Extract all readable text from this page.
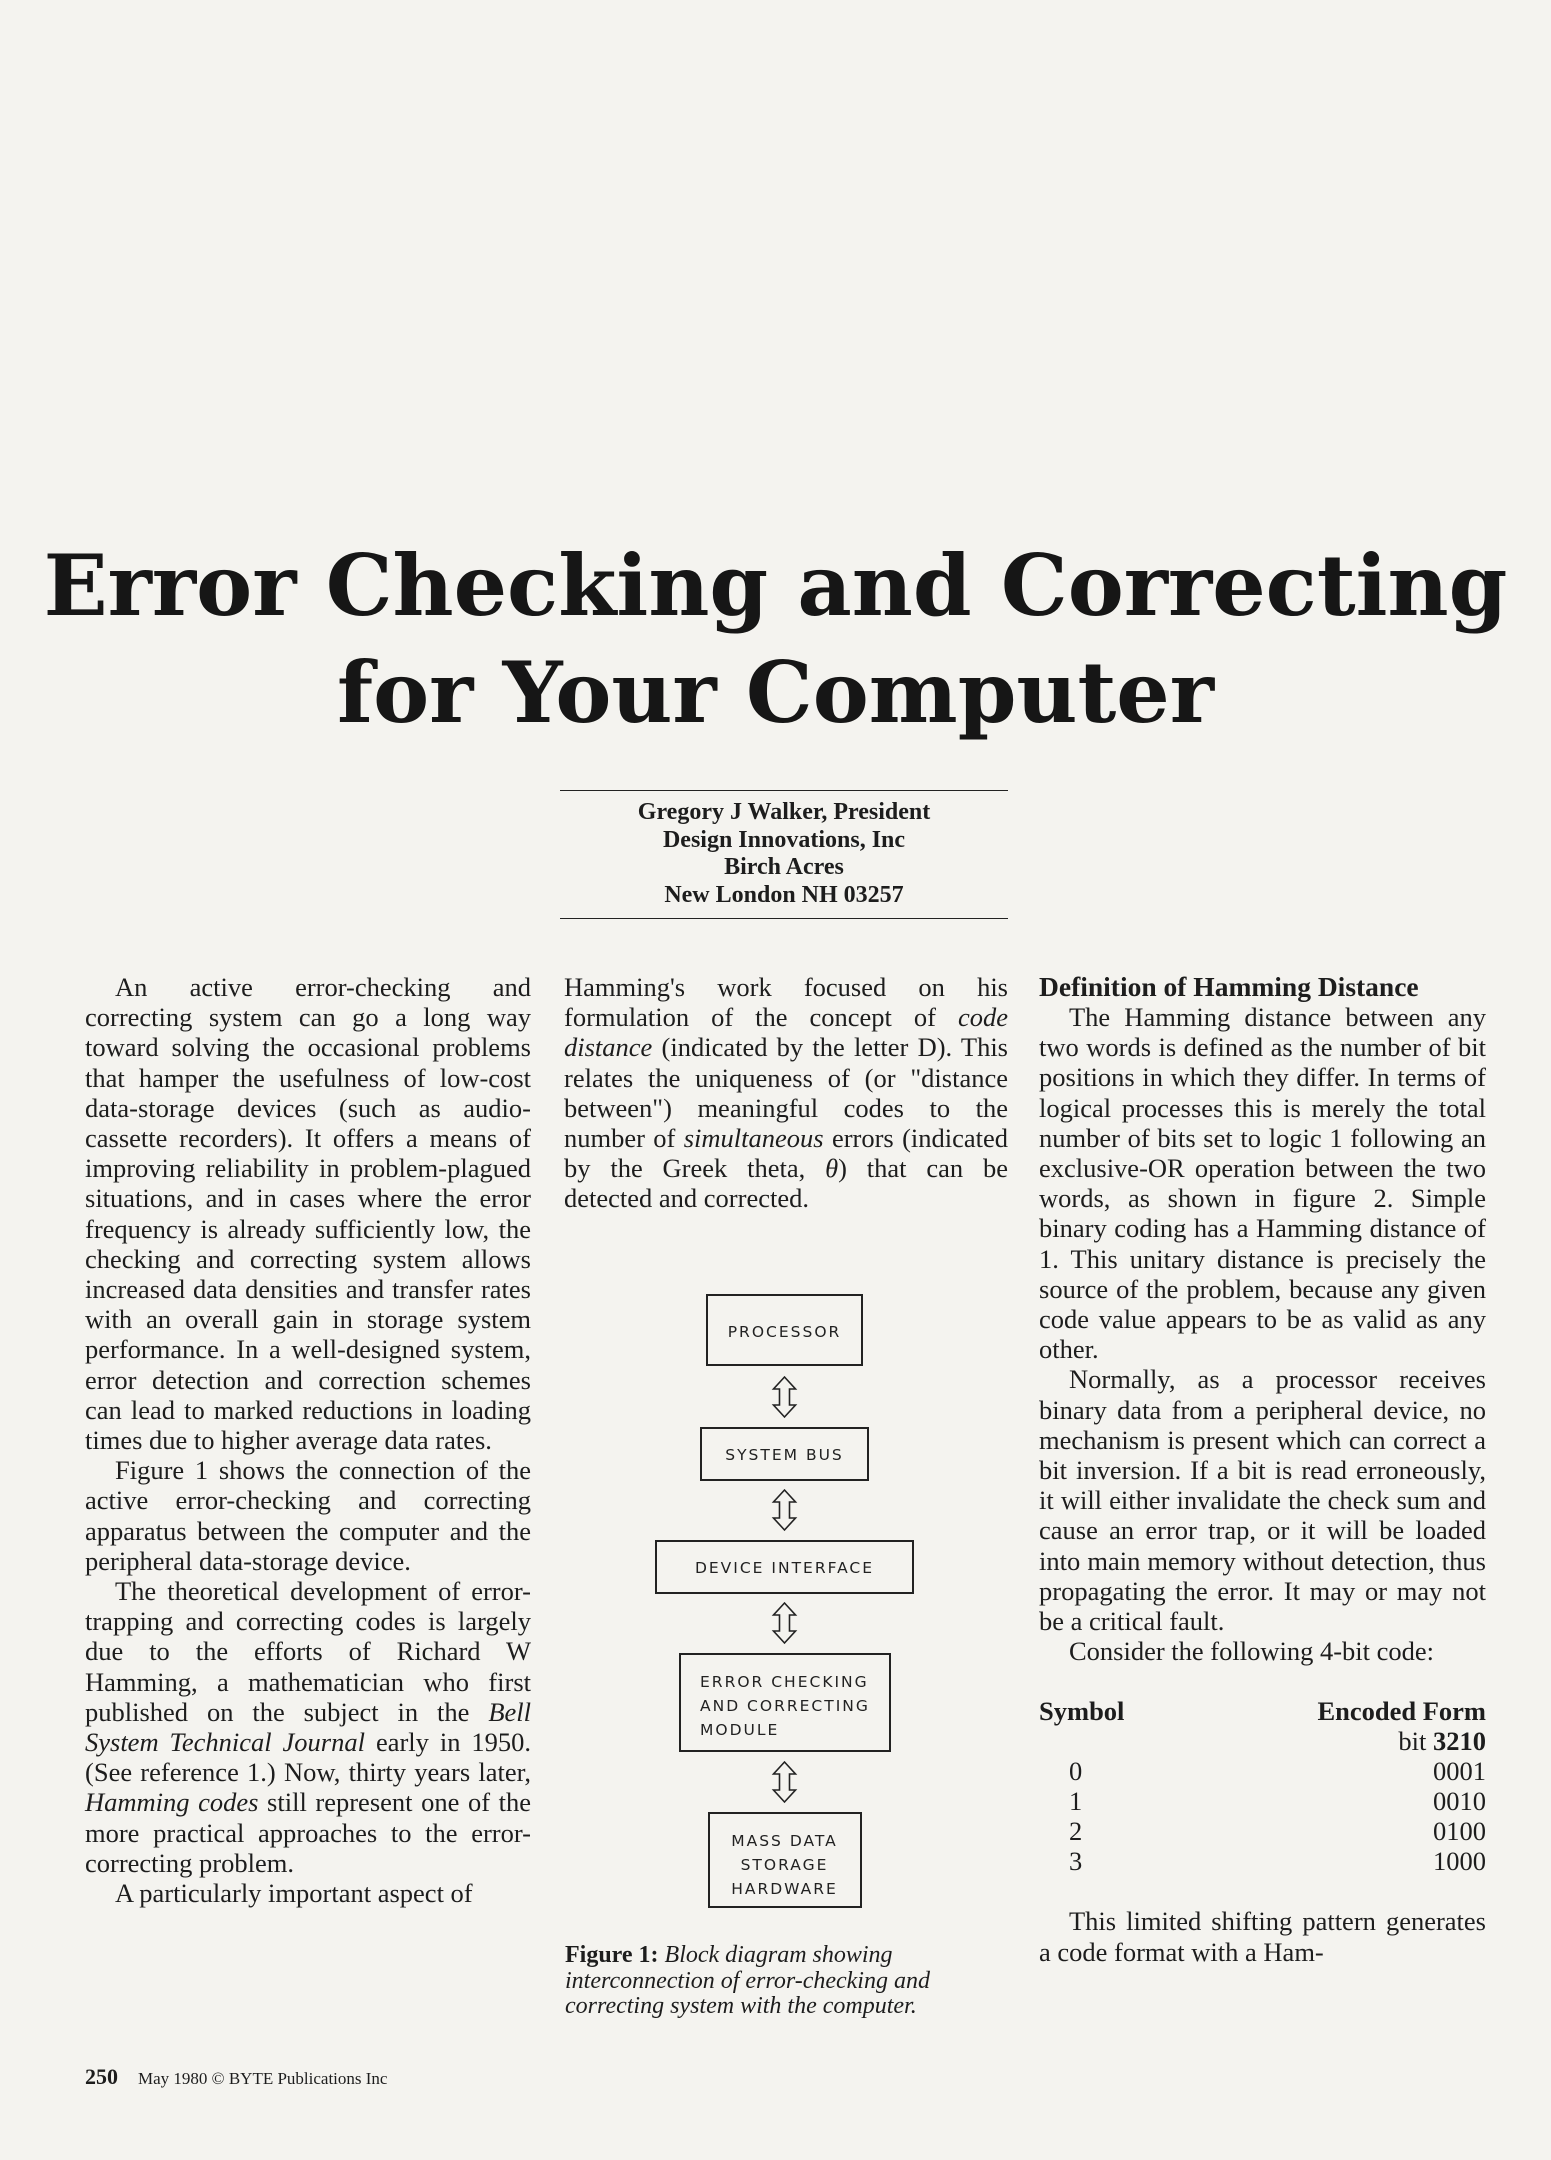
Error Checking and Correcting
for Your Computer
Gregory J Walker, President
Design Innovations, Inc
Birch Acres
New London NH 03257

An active error-checking and correcting system can go a long way toward solving the occasional problems that hamper the usefulness of low-cost data-storage devices (such as audio-cassette recorders). It offers a means of improving reliability in problem-plagued situations, and in cases where the error frequency is already sufficiently low, the checking and correcting system allows increased data densities and transfer rates with an overall gain in storage system performance. In a well-designed system, error detection and correction schemes can lead to marked reductions in loading times due to higher average data rates.

Figure 1 shows the connection of the active error-checking and correcting apparatus between the computer and the peripheral data-storage device.

The theoretical development of error-trapping and correcting codes is largely due to the efforts of Richard W Hamming, a mathematician who first published on the subject in the Bell System Technical Journal early in 1950. (See reference 1.) Now, thirty years later, Hamming codes still represent one of the more practical approaches to the error-correcting problem.

A particularly important aspect of

Hamming's work focused on his formulation of the concept of code distance (indicated by the letter D). This relates the uniqueness of (or "distance between") meaningful codes to the number of simultaneous errors (indicated by the Greek theta, θ) that can be detected and corrected.

PROCESSOR
SYSTEM BUS
DEVICE INTERFACE
ERROR CHECKING
AND CORRECTING
MODULE
MASS DATA
STORAGE
HARDWARE
Figure 1: Block diagram showing interconnection of error-checking and correcting system with the computer.
Definition of Hamming Distance

The Hamming distance between any two words is defined as the number of bit positions in which they differ. In terms of logical processes this is merely the total number of bits set to logic 1 following an exclusive-OR operation between the two words, as shown in figure 2. Simple binary coding has a Hamming distance of 1. This unitary distance is precisely the source of the problem, because any given code value appears to be as valid as any other.

Normally, as a processor receives binary data from a peripheral device, no mechanism is present which can correct a bit inversion. If a bit is read erroneously, it will either invalidate the check sum and cause an error trap, or it will be loaded into main memory without detection, thus propagating the error. It may or may not be a critical fault.

Consider the following 4-bit code:

Symbol	Encoded Form
	bit 3210
0	0001
1	0010
2	0100
3	1000

This limited shifting pattern generates a code format with a Ham-

250 May 1980 © BYTE Publications Inc
